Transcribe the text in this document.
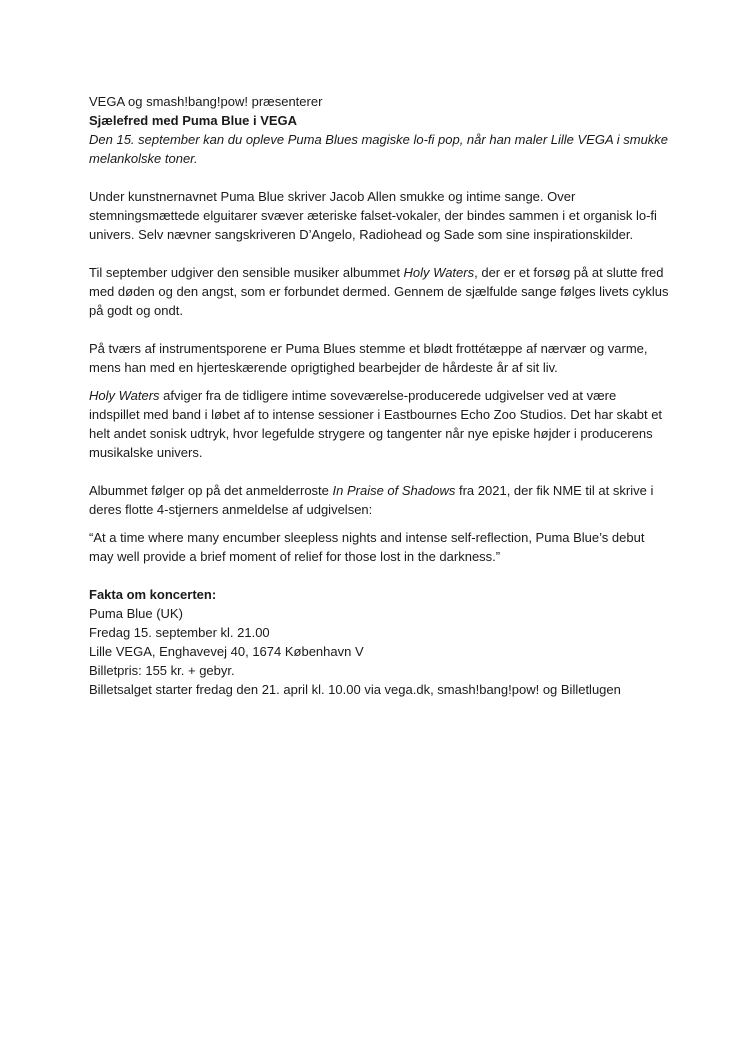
VEGA og smash!bang!pow! præsenterer

Sjælefred med Puma Blue i VEGA

Den 15. september kan du opleve Puma Blues magiske lo-fi pop, når han maler Lille VEGA i smukke melankolske toner.

Under kunstnernavnet Puma Blue skriver Jacob Allen smukke og intime sange. Over stemningsmættede elguitarer svæver æteriske falset-vokaler, der bindes sammen i et organisk lo-fi univers. Selv nævner sangskriveren D’Angelo, Radiohead og Sade som sine inspirationskilder.

Til september udgiver den sensible musiker albummet Holy Waters, der er et forsøg på at slutte fred med døden og den angst, som er forbundet dermed. Gennem de sjælfulde sange følges livets cyklus på godt og ondt.

På tværs af instrumentsporene er Puma Blues stemme et blødt frottétæppe af nærvær og varme, mens han med en hjerteskærende oprigtighed bearbejder de hårdeste år af sit liv.

Holy Waters afviger fra de tidligere intime soveværelse-producerede udgivelser ved at være indspillet med band i løbet af to intense sessioner i Eastbournes Echo Zoo Studios. Det har skabt et helt andet sonisk udtryk, hvor legefulde strygere og tangenter når nye episke højder i producerens musikalske univers.

Albummet følger op på det anmelderroste In Praise of Shadows fra 2021, der fik NME til at skrive i deres flotte 4-stjerners anmeldelse af udgivelsen:

“At a time where many encumber sleepless nights and intense self-reflection, Puma Blue’s debut may well provide a brief moment of relief for those lost in the darkness.”

Fakta om koncerten:

Puma Blue (UK)

Fredag 15. september kl. 21.00

Lille VEGA, Enghavevej 40, 1674 København V

Billetpris: 155 kr. + gebyr.

Billetsalget starter fredag den 21. april kl. 10.00 via vega.dk, smash!bang!pow! og Billetlugen
